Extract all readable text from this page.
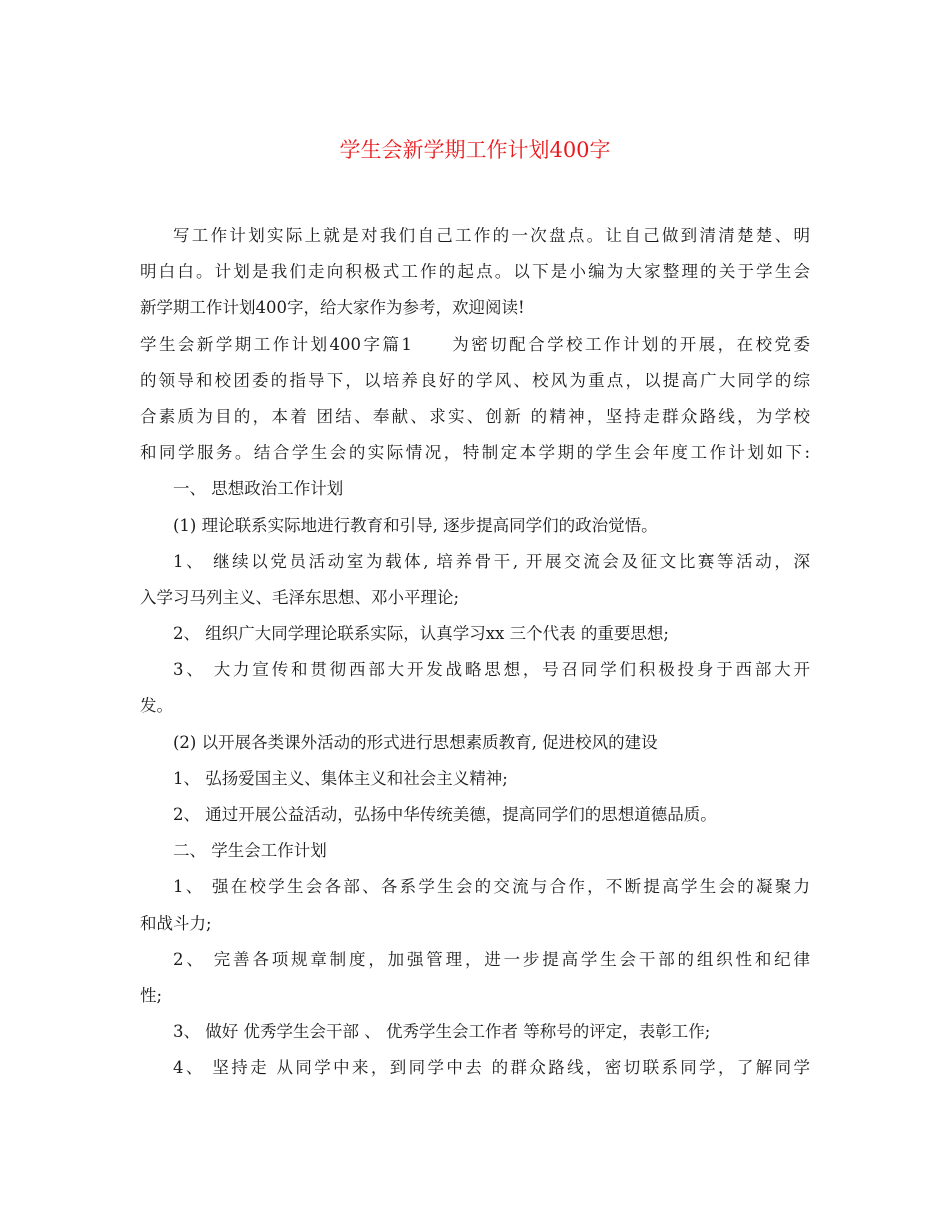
学生会新学期工作计划400字
写工作计划实际上就是对我们自己工作的一次盘点。让自己做到清清楚楚、明
明白白。计划是我们走向积极式工作的起点。以下是小编为大家整理的关于学生会
新学期工作计划400字，给大家作为参考，欢迎阅读!
学生会新学期工作计划400字篇1　　为密切配合学校工作计划的开展，在校党委
的领导和校团委的指导下，以培养良好的学风、校风为重点，以提高广大同学的综
合素质为目的，本着 团结、奉献、求实、创新 的精神，坚持走群众路线，为学校
和同学服务。结合学生会的实际情况，特制定本学期的学生会年度工作计划如下:
一、 思想政治工作计划
(1) 理论联系实际地进行教育和引导, 逐步提高同学们的政治觉悟。
1、 继续以党员活动室为载体, 培养骨干, 开展交流会及征文比赛等活动，深
入学习马列主义、毛泽东思想、邓小平理论;
2、 组织广大同学理论联系实际，认真学习xx 三个代表 的重要思想;
3、 大力宣传和贯彻西部大开发战略思想，号召同学们积极投身于西部大开
发。
(2) 以开展各类课外活动的形式进行思想素质教育, 促进校风的建设
1、 弘扬爱国主义、集体主义和社会主义精神;
2、 通过开展公益活动，弘扬中华传统美德，提高同学们的思想道德品质。
二、 学生会工作计划
1、 强在校学生会各部、各系学生会的交流与合作，不断提高学生会的凝聚力
和战斗力;
2、 完善各项规章制度，加强管理，进一步提高学生会干部的组织性和纪律
性;
3、 做好 优秀学生会干部 、 优秀学生会工作者 等称号的评定，表彰工作;
4、 坚持走 从同学中来，到同学中去 的群众路线，密切联系同学，了解同学
